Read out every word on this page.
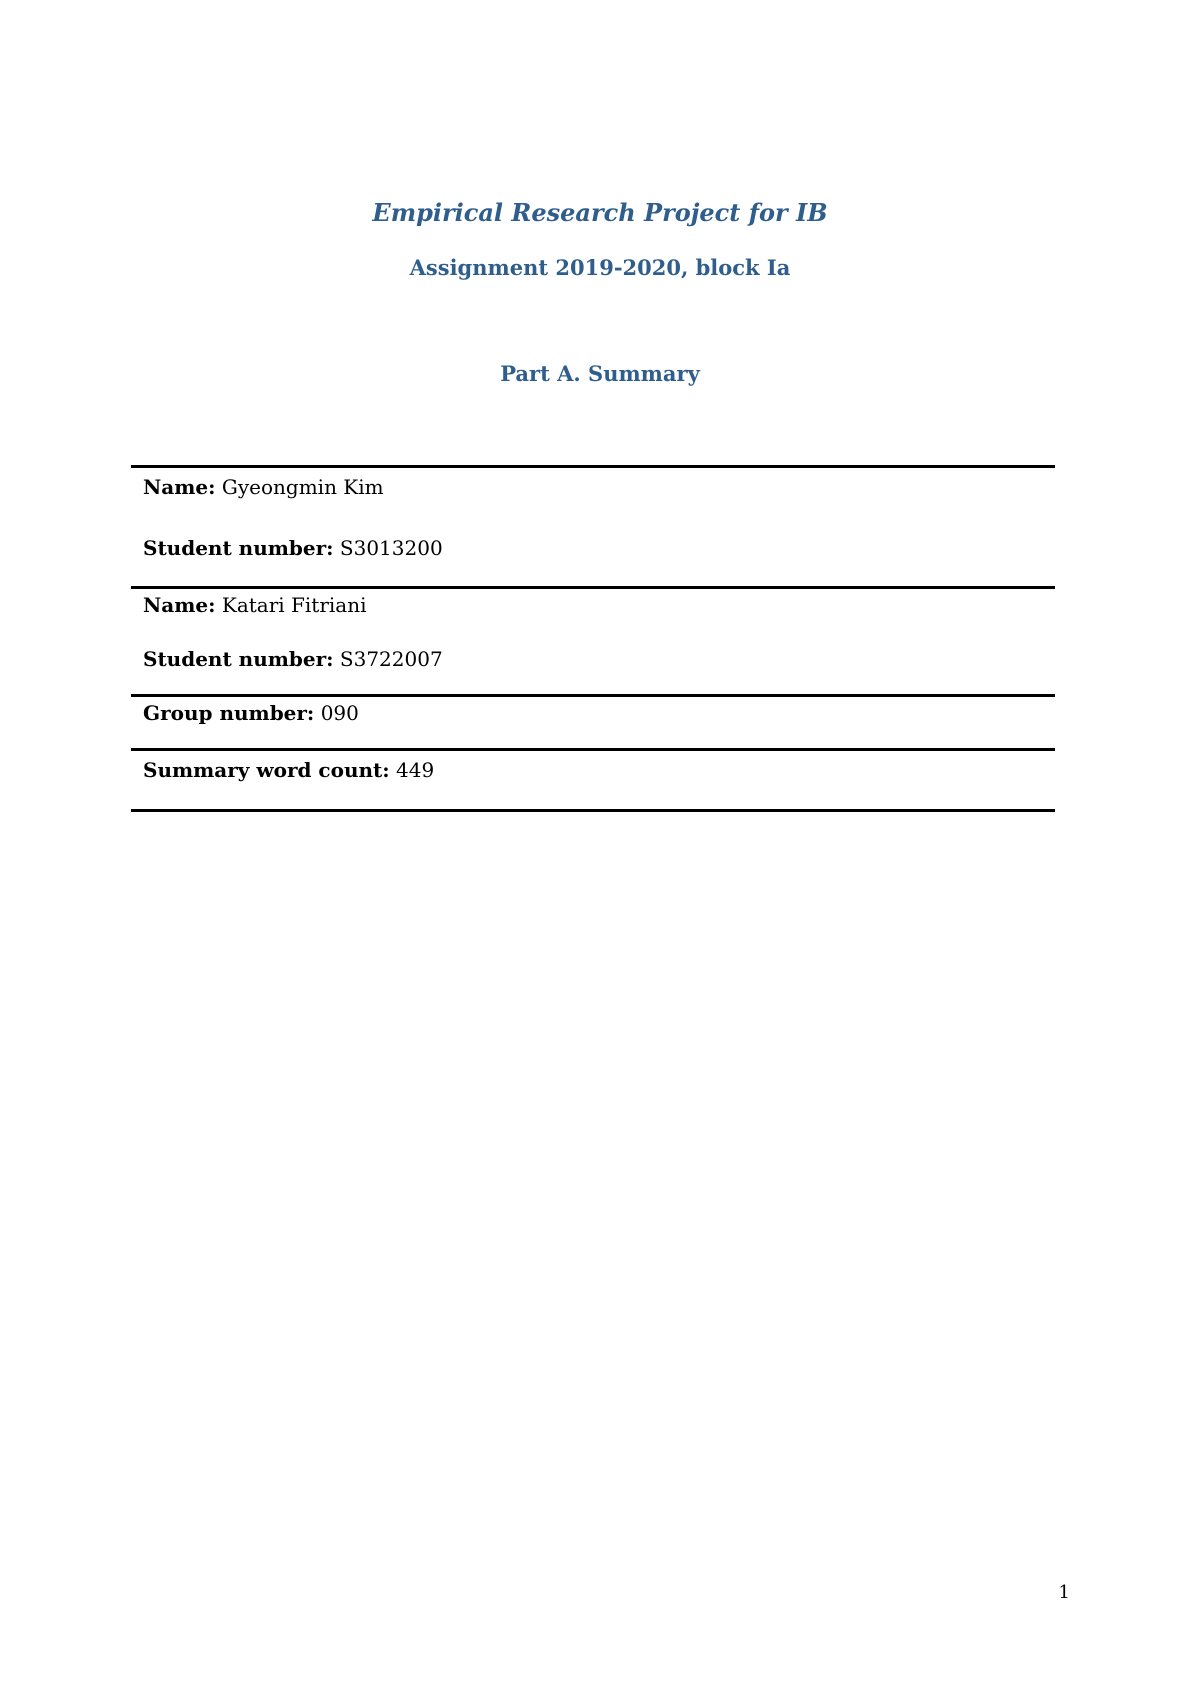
Empirical Research Project for IB
Assignment 2019-2020, block Ia
Part A. Summary
Name: Gyeongmin Kim
Student number: S3013200
Name: Katari Fitriani
Student number: S3722007
Group number: 090
Summary word count: 449
1
